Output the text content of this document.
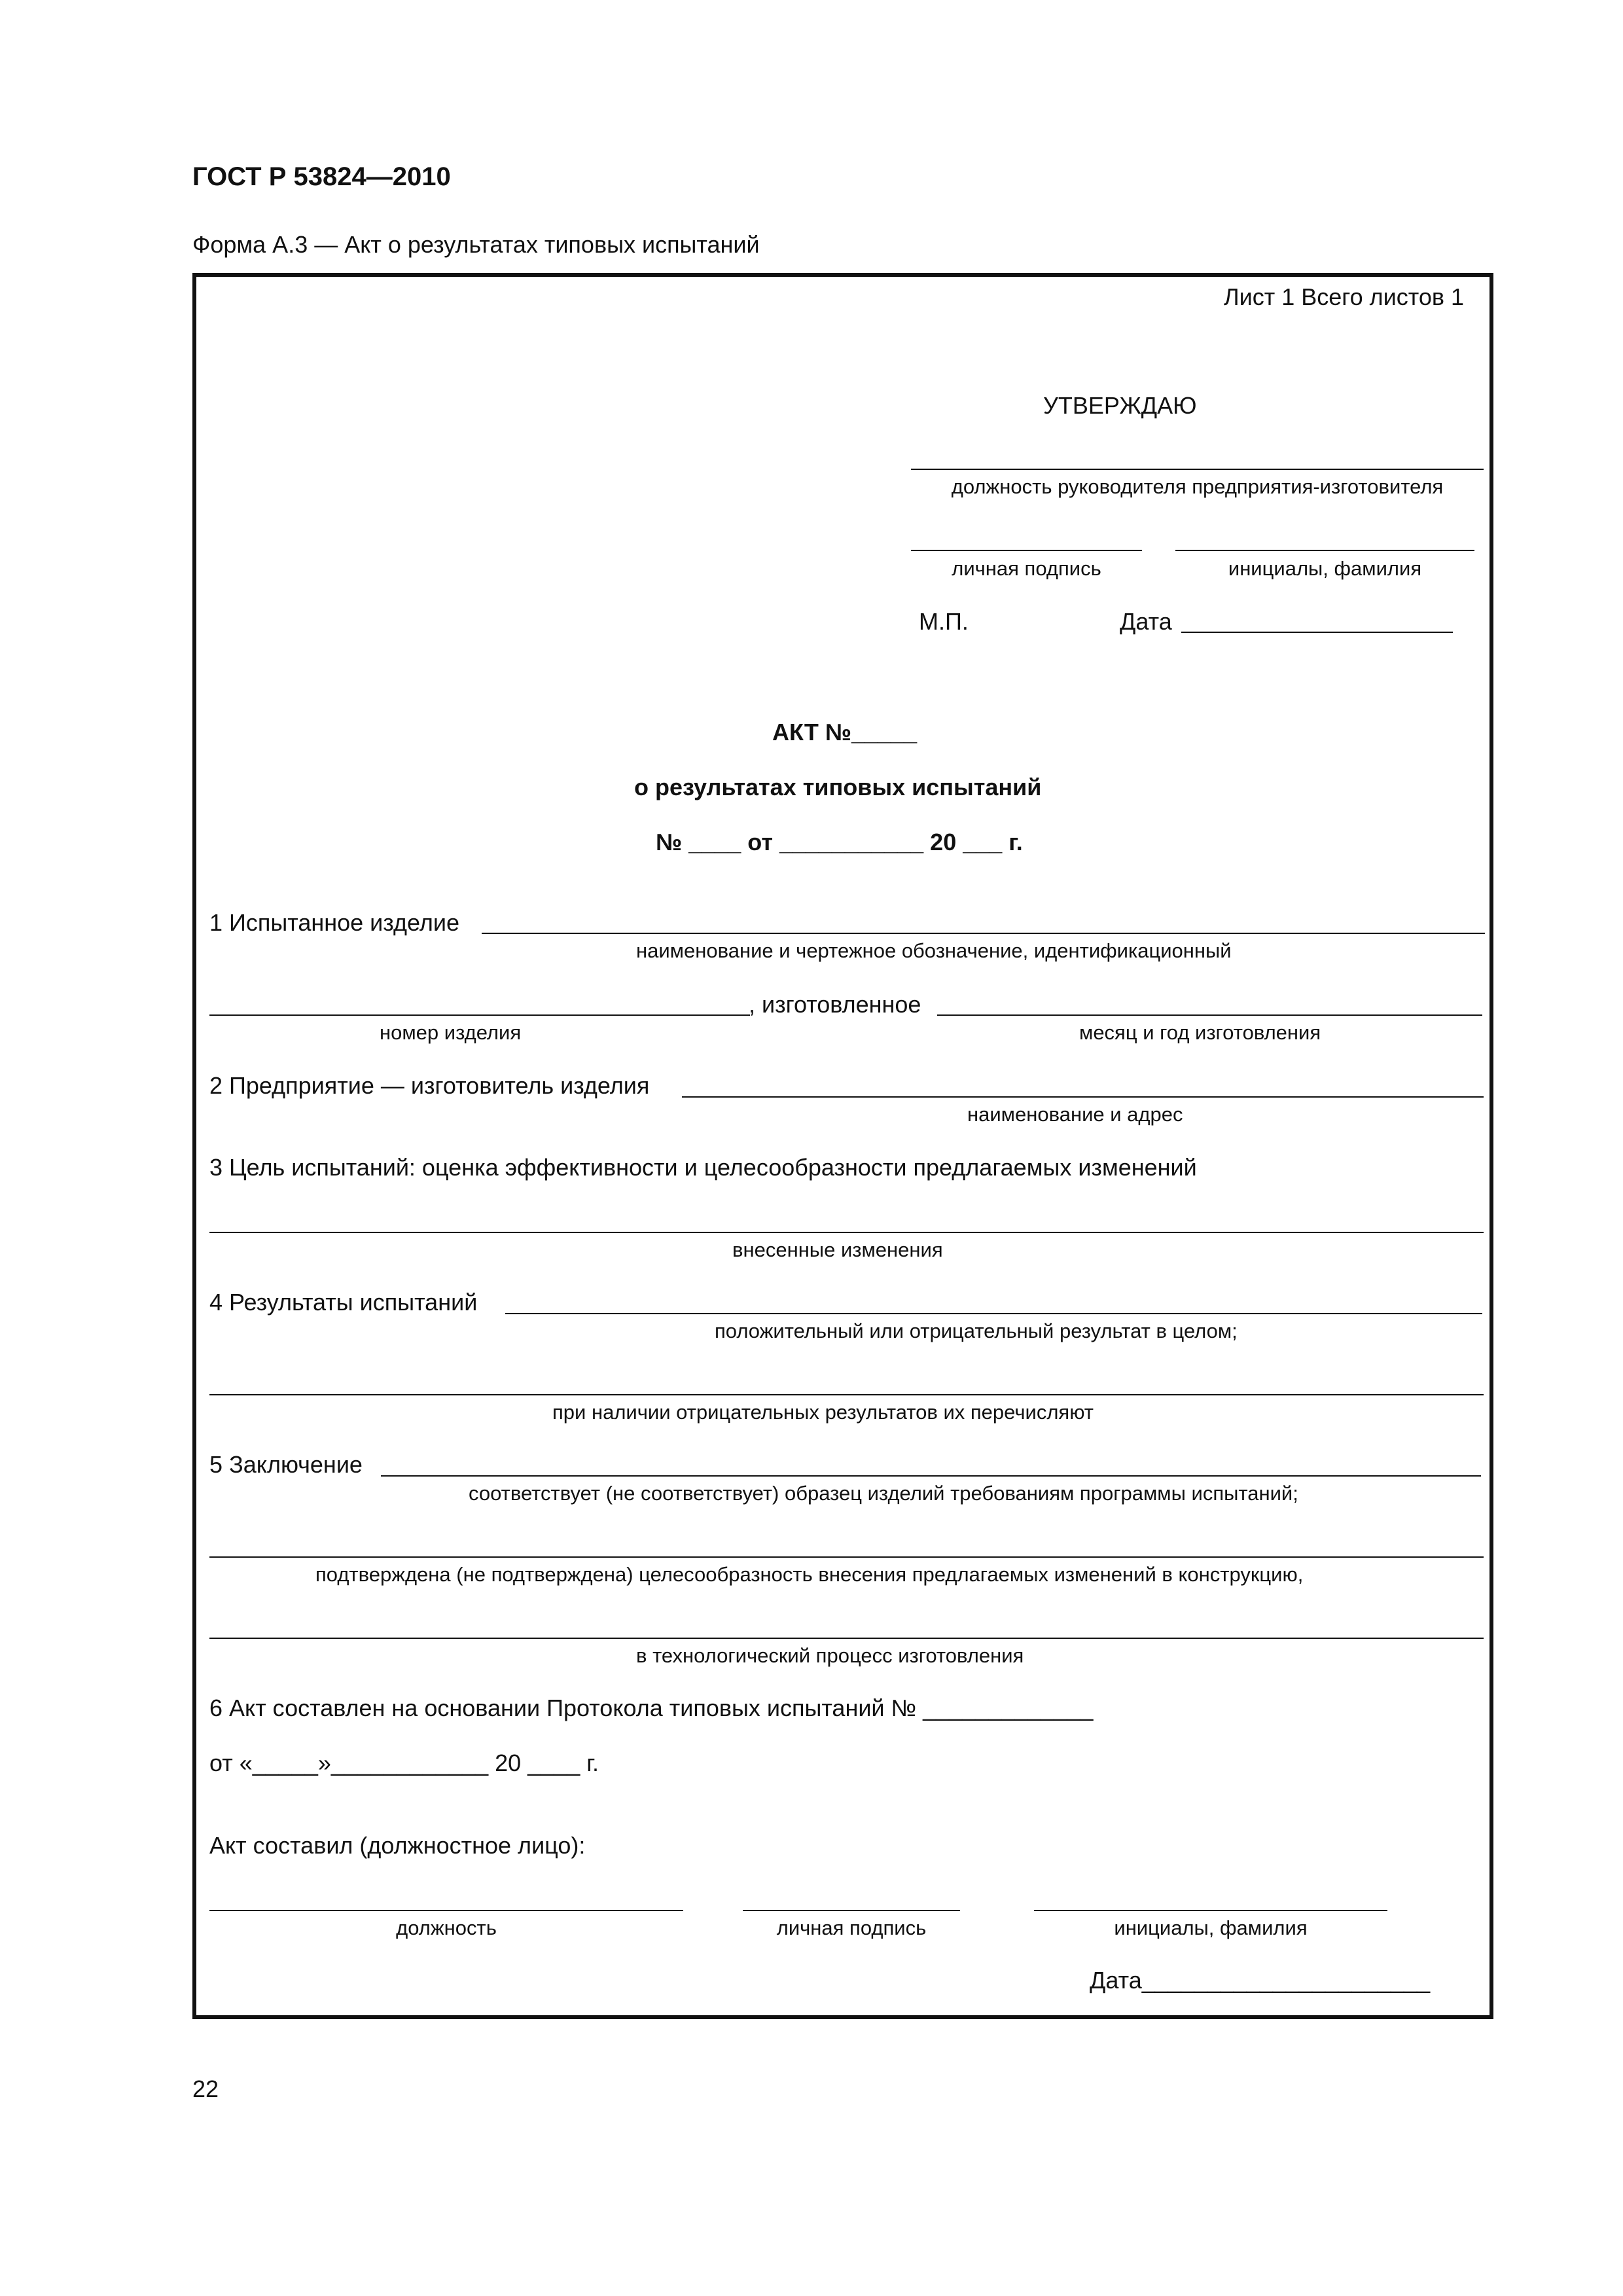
ГОСТ Р 53824—2010
Форма А.3 — Акт о результатах типовых испытаний
Лист 1 Всего листов 1
УТВЕРЖДАЮ
должность руководителя предприятия-изготовителя
личная подпись	инициалы, фамилия
М.П.	Дата
АКТ №_____
о результатах типовых испытаний
№ ____ от ___________ 20 ___ г.
1 Испытанное изделие
наименование и чертежное обозначение, идентификационный
, изготовленное
номер изделия	месяц и год изготовления
2 Предприятие — изготовитель изделия
наименование и адрес
3 Цель испытаний: оценка эффективности и целесообразности предлагаемых изменений
внесенные изменения
4 Результаты испытаний
положительный или отрицательный результат в целом;
при наличии отрицательных результатов их перечисляют
5 Заключение
соответствует (не соответствует) образец изделий требованиям программы испытаний;
подтверждена (не подтверждена) целесообразность внесения предлагаемых изменений в конструкцию,
в технологический процесс изготовления
6 Акт составлен на основании Протокола типовых испытаний № _____________
от «_____»____________ 20 ____ г.
Акт составил (должностное лицо):
должность	личная подпись	инициалы, фамилия
Дата______________________
22
